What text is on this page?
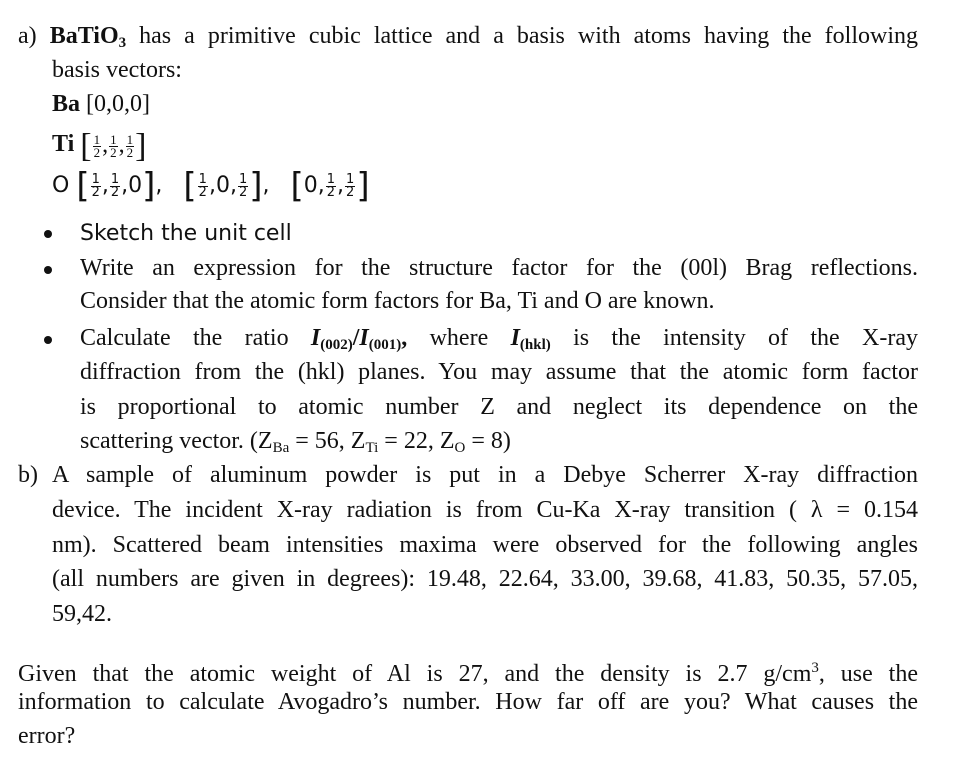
a) BaTiO$_3$ has a primitive cubic lattice and a basis with atoms having the following
basis vectors:
Ba [0,0,0]
Ti [ $\frac{1}{2}$ , $\frac{1}{2}$ , $\frac{1}{2}$ ]
O [ $\frac{1}{2}$ , $\frac{1}{2} ,0$],   [ $\frac{1}{2} ,0$, $\frac{1}{2}$ ],   [0, $\frac{1}{2}$ , $\frac{1}{2}$ ]
Sketch the unit cell
Write an expression for the structure factor for the (00l) Brag reflections.
Consider that the atomic form factors for Ba, Ti and O are known.
Calculate the ratio $I_{(002)}/I_{(001)}$, where $I_{(hkl)}$ is the intensity of the X-ray
diffraction from the (hkl) planes. You may assume that the atomic form factor
is proportional to atomic number Z and neglect its dependence on the
scattering vector. ($Z_{Ba} = 56$, $Z_{Ti} = 22$, $Z_O = 8$)
b) A sample of aluminum powder is put in a Debye Scherrer X-ray diffraction
device. The incident X-ray radiation is from Cu-Ka X-ray transition ( λ = 0.154
nm). Scattered beam intensities maxima were observed for the following angles
(all numbers are given in degrees): 19.48, 22.64, 33.00, 39.68, 41.83, 50.35, 57.05,
59,42.
Given that the atomic weight of Al is 27, and the density is 2.7 $g/cm^3$, use the
information to calculate Avogadro’s number. How far off are you? What causes the
error?
